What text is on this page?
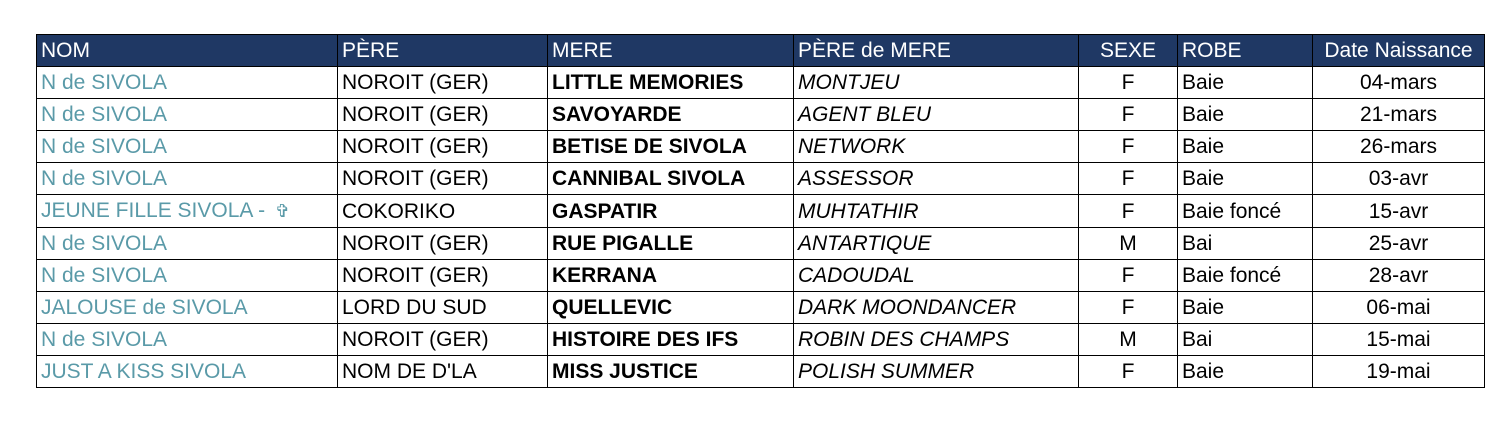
NOM	PÈRE	MERE	PÈRE de MERE	SEXE	ROBE	Date Naissance
N de SIVOLA	NOROIT (GER)	LITTLE MEMORIES	MONTJEU	F	Baie	04-mars
N de SIVOLA	NOROIT (GER)	SAVOYARDE	AGENT BLEU	F	Baie	21-mars
N de SIVOLA	NOROIT (GER)	BETISE DE SIVOLA	NETWORK	F	Baie	26-mars
N de SIVOLA	NOROIT (GER)	CANNIBAL SIVOLA	ASSESSOR	F	Baie	03-avr
JEUNE FILLE SIVOLA - ✞	COKORIKO	GASPATIR	MUHTATHIR	F	Baie foncé	15-avr
N de SIVOLA	NOROIT (GER)	RUE PIGALLE	ANTARTIQUE	M	Bai	25-avr
N de SIVOLA	NOROIT (GER)	KERRANA	CADOUDAL	F	Baie foncé	28-avr
JALOUSE de SIVOLA	LORD DU SUD	QUELLEVIC	DARK MOONDANCER	F	Baie	06-mai
N de SIVOLA	NOROIT (GER)	HISTOIRE DES IFS	ROBIN DES CHAMPS	M	Bai	15-mai
JUST A KISS SIVOLA	NOM DE D'LA	MISS JUSTICE	POLISH SUMMER	F	Baie	19-mai
